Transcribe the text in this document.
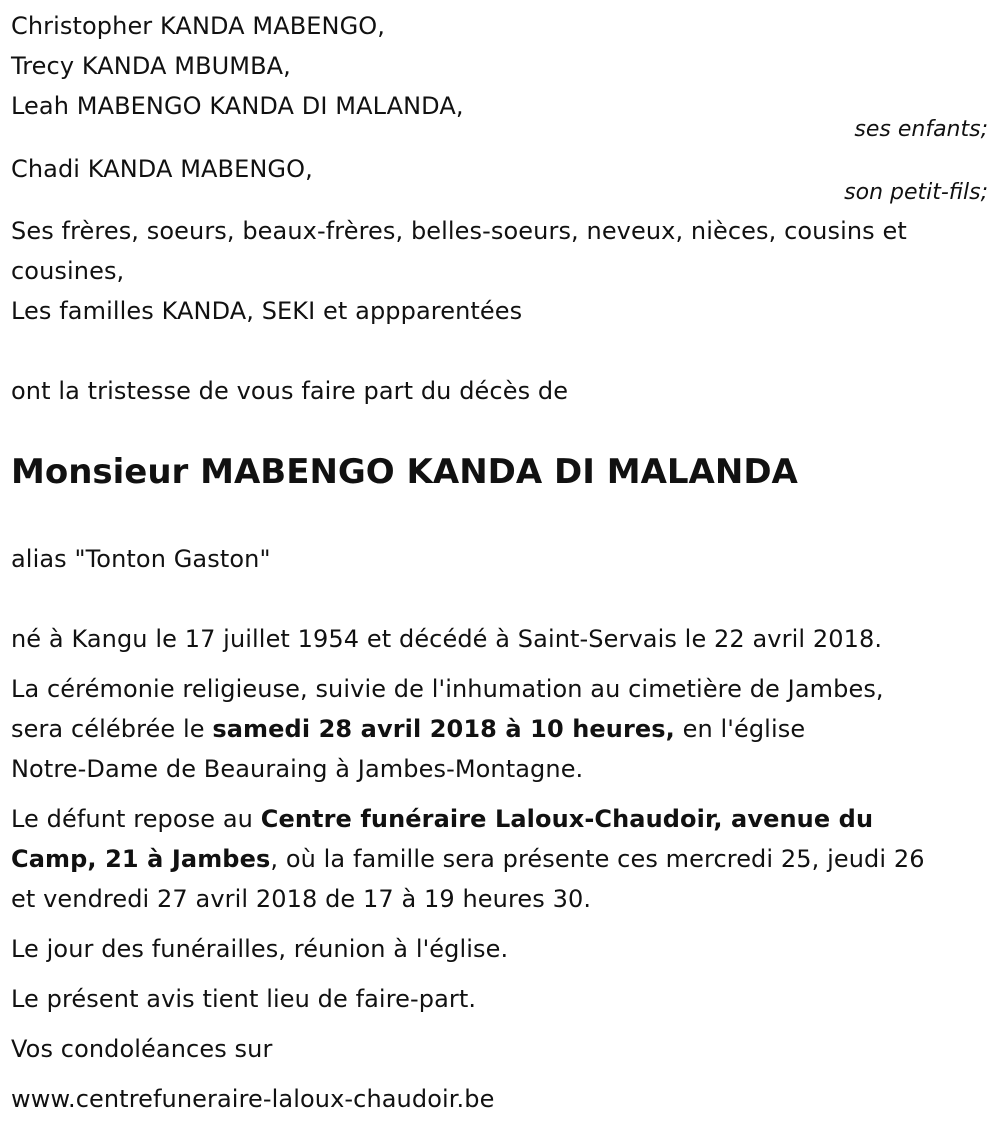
Christopher KANDA MABENGO,
Trecy KANDA MBUMBA,
Leah MABENGO KANDA DI MALANDA,
ses enfants;
Chadi KANDA MABENGO,
son petit-fils;
Ses frères, soeurs, beaux-frères, belles-soeurs, neveux, nièces, cousins et
cousines,
Les familles KANDA, SEKI et appparentées
ont la tristesse de vous faire part du décès de
Monsieur MABENGO KANDA DI MALANDA
alias "Tonton Gaston"
né à Kangu le 17 juillet 1954 et décédé à Saint-Servais le 22 avril 2018.
La cérémonie religieuse, suivie de l'inhumation au cimetière de Jambes,
sera célébrée le samedi 28 avril 2018 à 10 heures, en l'église
Notre-Dame de Beauraing à Jambes-Montagne.
Le défunt repose au Centre funéraire Laloux-Chaudoir, avenue du
Camp, 21 à Jambes, où la famille sera présente ces mercredi 25, jeudi 26
et vendredi 27 avril 2018 de 17 à 19 heures 30.
Le jour des funérailles, réunion à l'église.
Le présent avis tient lieu de faire-part.
Vos condoléances sur
www.centrefuneraire-laloux-chaudoir.be
